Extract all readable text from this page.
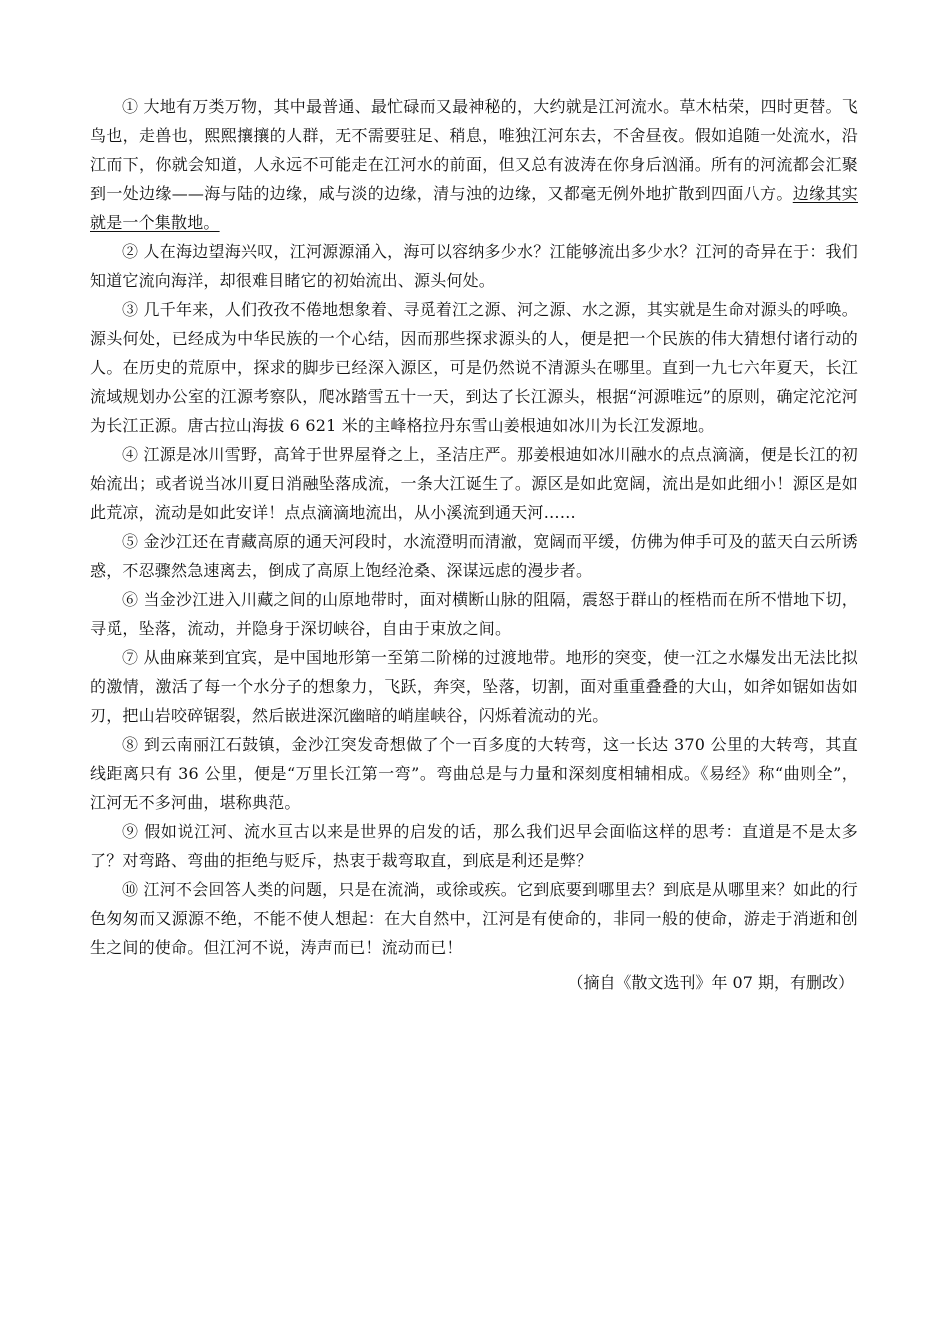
① 大地有万类万物，其中最普通、最忙碌而又最神秘的，大约就是江河流水。草木枯荣，四时更替。飞鸟也，走兽也，熙熙攘攘的人群，无不需要驻足、稍息，唯独江河东去，不舍昼夜。假如追随一处流水，沿江而下，你就会知道，人永远不可能走在江河水的前面，但又总有波涛在你身后汹涌。所有的河流都会汇聚到一处边缘——海与陆的边缘，咸与淡的边缘，清与浊的边缘，又都毫无例外地扩散到四面八方。边缘其实就是一个集散地。

② 人在海边望海兴叹，江河源源涌入，海可以容纳多少水？江能够流出多少水？江河的奇异在于：我们知道它流向海洋，却很难目睹它的初始流出、源头何处。

③ 几千年来，人们孜孜不倦地想象着、寻觅着江之源、河之源、水之源，其实就是生命对源头的呼唤。源头何处，已经成为中华民族的一个心结，因而那些探求源头的人，便是把一个民族的伟大猜想付诸行动的人。在历史的荒原中，探求的脚步已经深入源区，可是仍然说不清源头在哪里。直到一九七六年夏天，长江流域规划办公室的江源考察队，爬冰踏雪五十一天，到达了长江源头，根据“河源唯远”的原则，确定沱沱河为长江正源。唐古拉山海拔 6 621 米的主峰格拉丹东雪山姜根迪如冰川为长江发源地。

④ 江源是冰川雪野，高耸于世界屋脊之上，圣洁庄严。那姜根迪如冰川融水的点点滴滴，便是长江的初始流出；或者说当冰川夏日消融坠落成流，一条大江诞生了。源区是如此宽阔，流出是如此细小！源区是如此荒凉，流动是如此安详！点点滴滴地流出，从小溪流到通天河……

⑤ 金沙江还在青藏高原的通天河段时，水流澄明而清澈，宽阔而平缓，仿佛为伸手可及的蓝天白云所诱惑，不忍骤然急速离去，倒成了高原上饱经沧桑、深谋远虑的漫步者。

⑥ 当金沙江进入川藏之间的山原地带时，面对横断山脉的阻隔，震怒于群山的桎梏而在所不惜地下切，寻觅，坠落，流动，并隐身于深切峡谷，自由于束放之间。

⑦ 从曲麻莱到宜宾，是中国地形第一至第二阶梯的过渡地带。地形的突变，使一江之水爆发出无法比拟的激情，激活了每一个水分子的想象力，飞跃，奔突，坠落，切割，面对重重叠叠的大山，如斧如锯如齿如刃，把山岩咬碎锯裂，然后嵌进深沉幽暗的峭崖峡谷，闪烁着流动的光。

⑧ 到云南丽江石鼓镇，金沙江突发奇想做了个一百多度的大转弯，这一长达 370 公里的大转弯，其直线距离只有 36 公里，便是“万里长江第一弯”。弯曲总是与力量和深刻度相辅相成。《易经》称“曲则全”，江河无不多河曲，堪称典范。

⑨ 假如说江河、流水亘古以来是世界的启发的话，那么我们迟早会面临这样的思考：直道是不是太多了？对弯路、弯曲的拒绝与贬斥，热衷于裁弯取直，到底是利还是弊？

⑩ 江河不会回答人类的问题，只是在流淌，或徐或疾。它到底要到哪里去？到底是从哪里来？如此的行色匆匆而又源源不绝，不能不使人想起：在大自然中，江河是有使命的，非同一般的使命，游走于消逝和创生之间的使命。但江河不说，涛声而已！流动而已！

（摘自《散文选刊》年 07 期，有删改）
